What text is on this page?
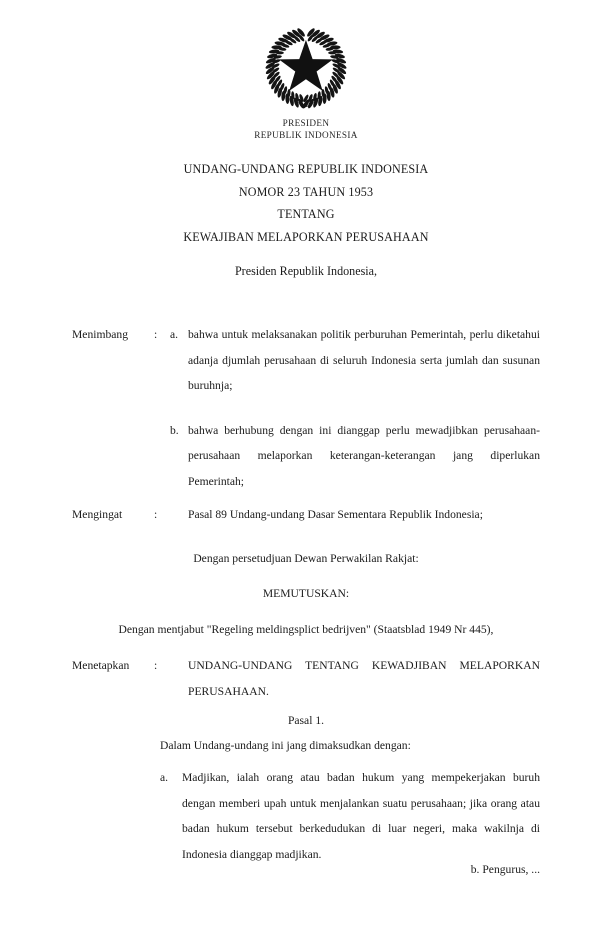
PRESIDEN
REPUBLIK INDONESIA
UNDANG-UNDANG REPUBLIK INDONESIA
NOMOR 23 TAHUN 1953
TENTANG
KEWAJIBAN MELAPORKAN PERUSAHAAN
Presiden Republik Indonesia,
Menimbang	:	a. bahwa untuk melaksanakan politik perburuhan Pemerintah, perlu diketahui adanja djumlah perusahaan di seluruh Indonesia serta jumlah dan susunan buruhnja;
b. bahwa berhubung dengan ini dianggap perlu mewadjibkan perusahaan-perusahaan melaporkan keterangan-keterangan jang diperlukan Pemerintah;
Mengingat	:	Pasal 89 Undang-undang Dasar Sementara Republik Indonesia;
Dengan persetudjuan Dewan Perwakilan Rakjat:
MEMUTUSKAN:
Dengan mentjabut "Regeling meldingsplict bedrijven" (Staatsblad 1949 Nr 445),
Menetapkan	:	UNDANG-UNDANG TENTANG KEWADJIBAN MELAPORKAN PERUSAHAAN.
Pasal 1.
Dalam Undang-undang ini jang dimaksudkan dengan:
a.	Madjikan, ialah orang atau badan hukum yang mempekerjakan buruh dengan memberi upah untuk menjalankan suatu perusahaan; jika orang atau badan hukum tersebut berkedudukan di luar negeri, maka wakilnja di Indonesia dianggap madjikan.
b. Pengurus, ...
